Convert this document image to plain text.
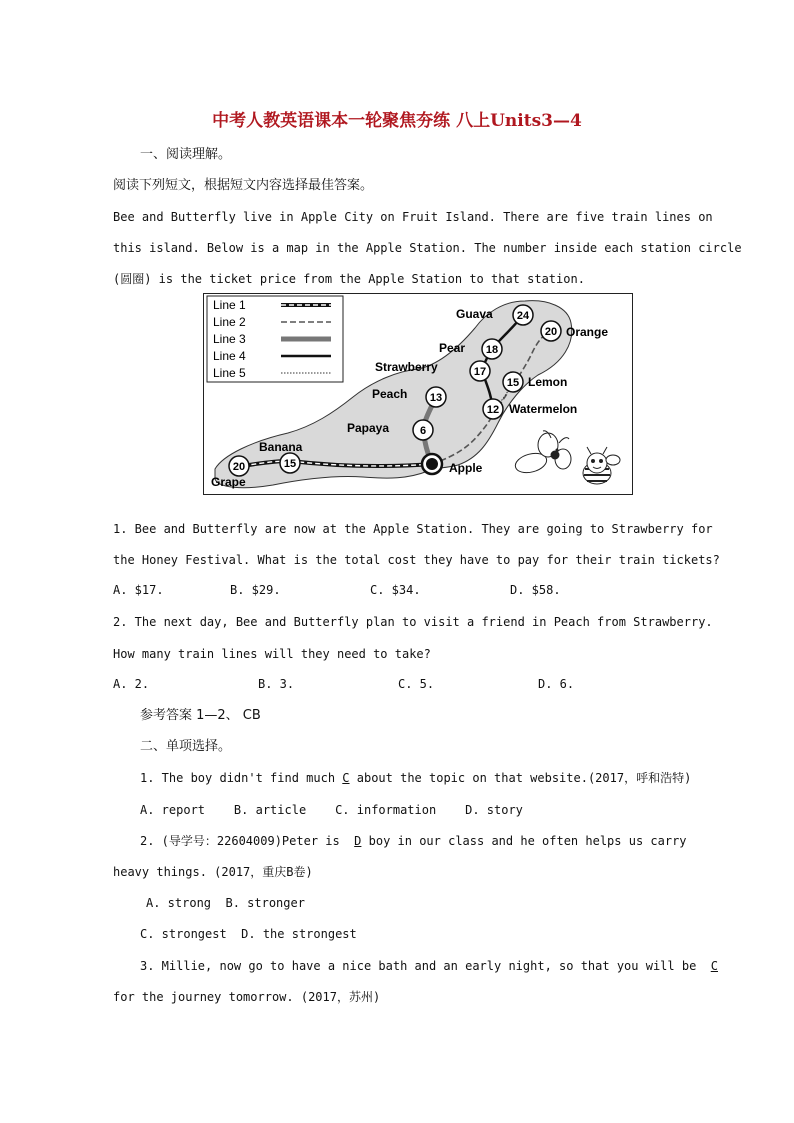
中考人教英语课本一轮聚焦夯练 八上Units3—4
一、阅读理解。
阅读下列短文，根据短文内容选择最佳答案。
Bee and Butterfly live in Apple City on Fruit Island. There are five train lines on
this island. Below is a map in the Apple Station. The number inside each station circle
(圆圈) is the ticket price from the Apple Station to that station.
Line 1
Line 2
Line 3
Line 4
Line 5
24
Guava
20 Orange
18
Pear
17
Strawberry
15 Lemon
13
Peach
12 Watermelon
6
Papaya
15
Banana
20
Grape
Apple
1. Bee and Butterfly are now at the Apple Station. They are going to Strawberry for
the Honey Festival. What is the total cost they have to pay for their train tickets?
A. $17.	B. $29.	C. $34.	D. $58.
2. The next day, Bee and Butterfly plan to visit a friend in Peach from Strawberry.
How many train lines will they need to take?
A. 2.	B. 3.	C. 5.	D. 6.
参考答案 1—2、 CB
二、单项选择。
1. The boy didn't find much C about the topic on that website.(2017，呼和浩特)
A. report    B. article    C. information    D. story
2. (导学号：22604009)Peter is  D boy in our class and he often helps us carry
heavy things. (2017，重庆B卷)
A. strong  B. stronger
C. strongest  D. the strongest
3. Millie, now go to have a nice bath and an early night, so that you will be  C
for the journey tomorrow. (2017，苏州)
